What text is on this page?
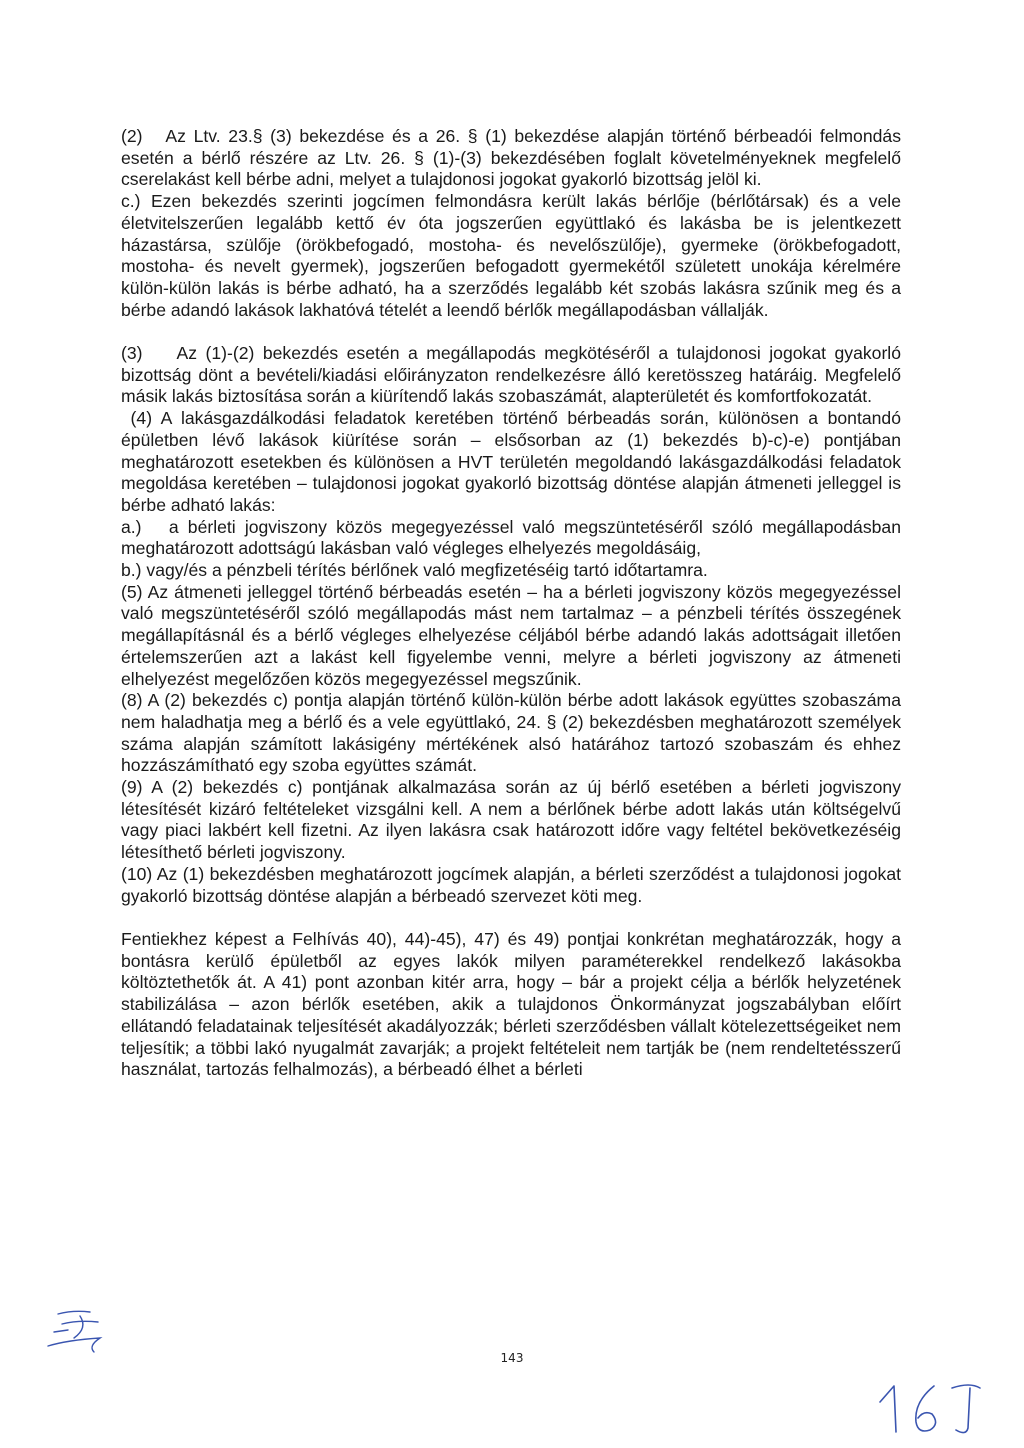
(2)   Az Ltv. 23.§ (3) bekezdése és a 26. § (1) bekezdése alapján történő bérbeadói felmondás esetén a bérlő részére az Ltv. 26. § (1)-(3) bekezdésében foglalt követelményeknek megfelelő cserelakást kell bérbe adni, melyet a tulajdonosi jogokat gyakorló bizottság jelöl ki.

c.) Ezen bekezdés szerinti jogcímen felmondásra került lakás bérlője (bérlőtársak) és a vele életvitelszerűen legalább kettő év óta jogszerűen együttlakó és lakásba be is jelentkezett házastársa, szülője (örökbefogadó, mostoha- és nevelőszülője), gyermeke (örökbefogadott, mostoha- és nevelt gyermek), jogszerűen befogadott gyermekétől született unokája kérelmére külön-külön lakás is bérbe adható, ha a szerződés legalább két szobás lakásra szűnik meg és a bérbe adandó lakások lakhatóvá tételét a leendő bérlők megállapodásban vállalják.

(3)    Az (1)-(2) bekezdés esetén a megállapodás megkötéséről a tulajdonosi jogokat gyakorló bizottság dönt a bevételi/kiadási előirányzaton rendelkezésre álló keretösszeg határáig. Megfelelő másik lakás biztosítása során a kiürítendő lakás szobaszámát, alapterületét és komfortfokozatát.

(4) A lakásgazdálkodási feladatok keretében történő bérbeadás során, különösen a bontandó épületben lévő lakások kiürítése során – elsősorban az (1) bekezdés b)-c)-e) pontjában meghatározott esetekben és különösen a HVT területén megoldandó lakásgazdálkodási feladatok megoldása keretében – tulajdonosi jogokat gyakorló bizottság döntése alapján átmeneti jelleggel is bérbe adható lakás:

a.)   a bérleti jogviszony közös megegyezéssel való megszüntetéséről szóló megállapodásban meghatározott adottságú lakásban való végleges elhelyezés megoldásáig,

b.) vagy/és a pénzbeli térítés bérlőnek való megfizetéséig tartó időtartamra.

(5) Az átmeneti jelleggel történő bérbeadás esetén – ha a bérleti jogviszony közös megegyezéssel való megszüntetéséről szóló megállapodás mást nem tartalmaz – a pénzbeli térítés összegének megállapításnál és a bérlő végleges elhelyezése céljából bérbe adandó lakás adottságait illetően értelemszerűen azt a lakást kell figyelembe venni, melyre a bérleti jogviszony az átmeneti elhelyezést megelőzően közös megegyezéssel megszűnik.

(8) A (2) bekezdés c) pontja alapján történő külön-külön bérbe adott lakások együttes szobaszáma nem haladhatja meg a bérlő és a vele együttlakó, 24. § (2) bekezdésben meghatározott személyek száma alapján számított lakásigény mértékének alsó határához tartozó szobaszám és ehhez hozzászámítható egy szoba együttes számát.

(9) A (2) bekezdés c) pontjának alkalmazása során az új bérlő esetében a bérleti jogviszony létesítését kizáró feltételeket vizsgálni kell. A nem a bérlőnek bérbe adott lakás után költségelvű vagy piaci lakbért kell fizetni. Az ilyen lakásra csak határozott időre vagy feltétel bekövetkezéséig létesíthető bérleti jogviszony.

(10) Az (1) bekezdésben meghatározott jogcímek alapján, a bérleti szerződést a tulajdonosi jogokat gyakorló bizottság döntése alapján a bérbeadó szervezet köti meg.

Fentiekhez képest a Felhívás 40), 44)-45), 47) és 49) pontjai konkrétan meghatározzák, hogy a bontásra kerülő épületből az egyes lakók milyen paraméterekkel rendelkező lakásokba költöztethetők át. A 41) pont azonban kitér arra, hogy – bár a projekt célja a bérlők helyzetének stabilizálása – azon bérlők esetében, akik a tulajdonos Önkormányzat jogszabályban előírt ellátandó feladatainak teljesítését akadályozzák; bérleti szerződésben vállalt kötelezettségeiket nem teljesítik; a többi lakó nyugalmát zavarják; a projekt feltételeit nem tartják be (nem rendeltetésszerű használat, tartozás felhalmozás), a bérbeadó élhet a bérleti

143
